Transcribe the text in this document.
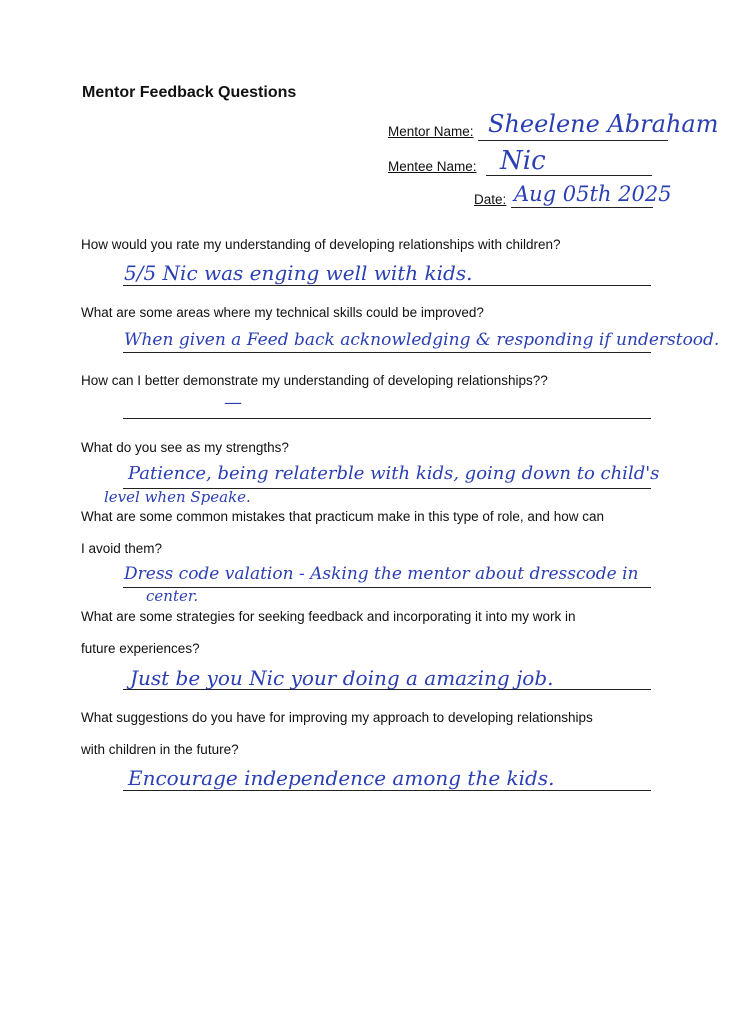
Mentor Feedback Questions
Mentor Name: Sheelene Abraham
Mentee Name: Nic
Date: Aug 05th 2025
How would you rate my understanding of developing relationships with children?
5/5 Nic was enging well with kids.
What are some areas where my technical skills could be improved?
When given a Feed back acknowledging & responding if understood.
How can I better demonstrate my understanding of developing relationships??
—
What do you see as my strengths?
Patience, being relaterble with kids, going down to child's
level when Speake.
What are some common mistakes that practicum make in this type of role, and how can
I avoid them?
Dress code valation - Asking the mentor about dresscode in
center.
What are some strategies for seeking feedback and incorporating it into my work in
future experiences?
Just be you Nic your doing a amazing job.
What suggestions do you have for improving my approach to developing relationships
with children in the future?
Encourage independence among the kids.
